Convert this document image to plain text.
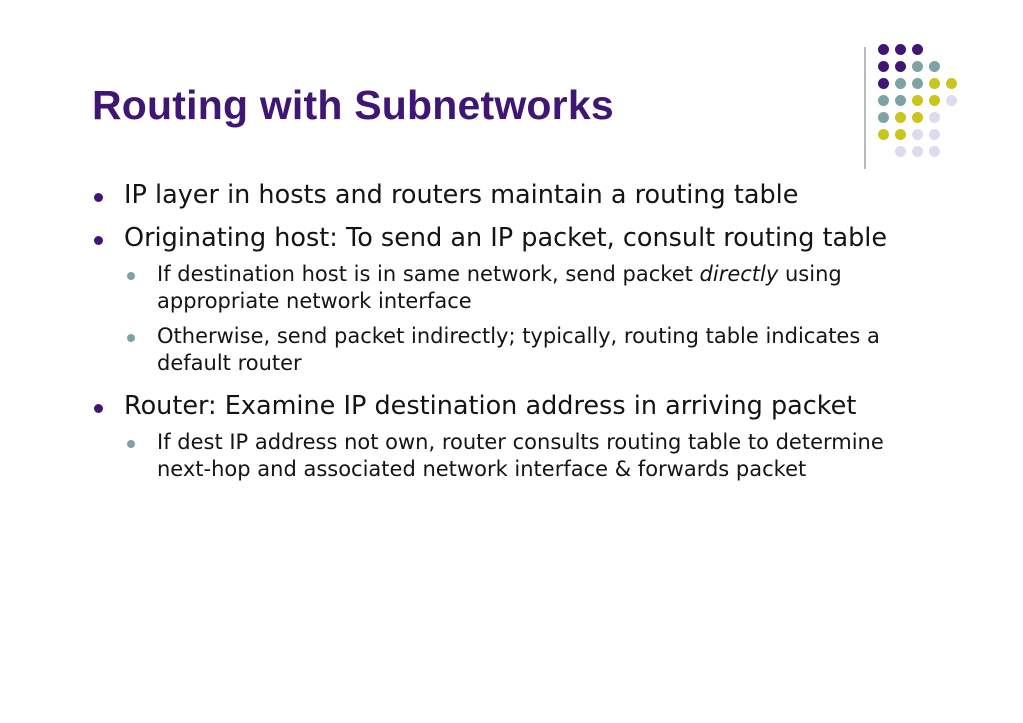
Routing with Subnetworks
IP layer in hosts and routers maintain a routing table
Originating host: To send an IP packet, consult routing table
If destination host is in same network, send packet directly using appropriate network interface
Otherwise, send packet indirectly; typically, routing table indicates a default router
Router: Examine IP destination address in arriving packet
If dest IP address not own, router consults routing table to determine next-hop and associated network interface & forwards packet
